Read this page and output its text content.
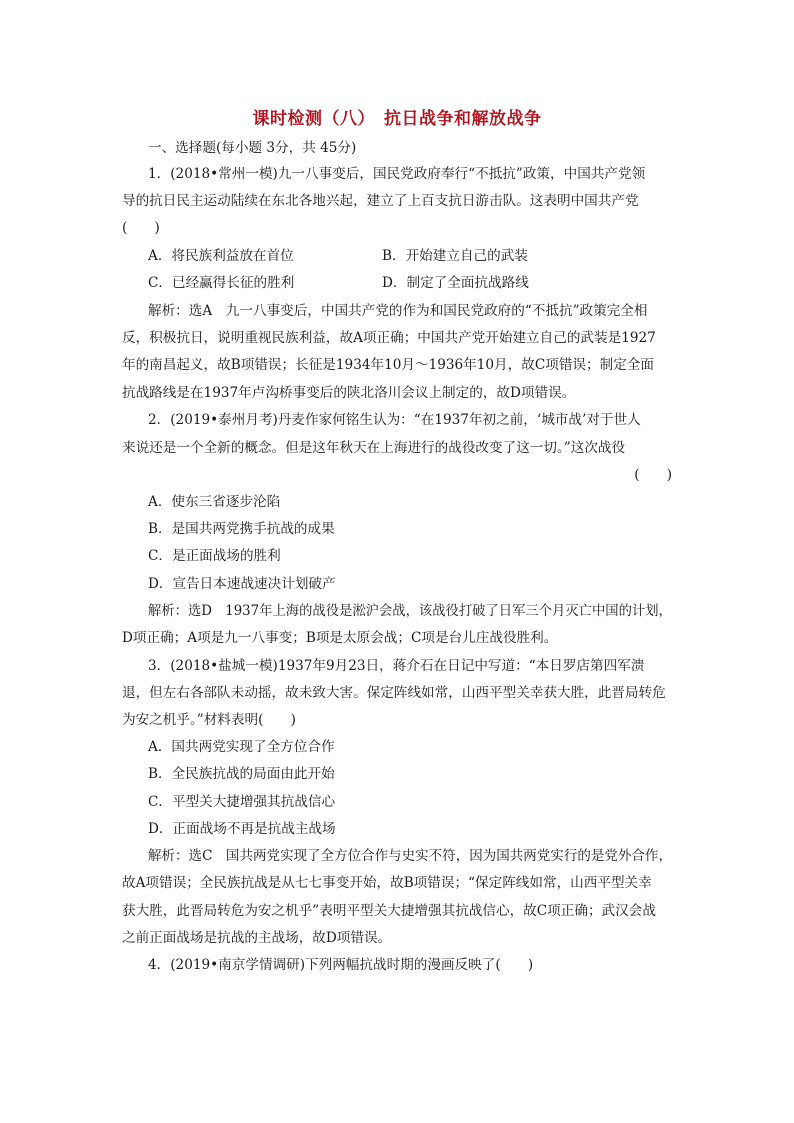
课时检测（八）　抗日战争和解放战争
一、选择题(每小题 3分，共 45分)
1．(2018•常州一模)九一八事变后，国民党政府奉行“不抵抗”政策，中国共产党领
导的抗日民主运动陆续在东北各地兴起，建立了上百支抗日游击队。这表明中国共产党
(　　)
A．将民族利益放在首位	B．开始建立自己的武装
C．已经赢得长征的胜利	D．制定了全面抗战路线
解析：选A　九一八事变后，中国共产党的作为和国民党政府的“不抵抗”政策完全相
反，积极抗日，说明重视民族利益，故A项正确；中国共产党开始建立自己的武装是1927
年的南昌起义，故B项错误；长征是1934年10月～1936年10月，故C项错误；制定全面
抗战路线是在1937年卢沟桥事变后的陕北洛川会议上制定的，故D项错误。
2．(2019•泰州月考)丹麦作家何铭生认为：“在1937年初之前，‘城市战’对于世人
来说还是一个全新的概念。但是这年秋天在上海进行的战役改变了这一切。”这次战役
(　　)
A．使东三省逐步沦陷
B．是国共两党携手抗战的成果
C．是正面战场的胜利
D．宣告日本速战速决计划破产
解析：选D　1937年上海的战役是淞沪会战，该战役打破了日军三个月灭亡中国的计划，
D项正确；A项是九一八事变；B项是太原会战；C项是台儿庄战役胜利。
3．(2018•盐城一模)1937年9月23日，蒋介石在日记中写道：“本日罗店第四军溃
退，但左右各部队未动摇，故未致大害。保定阵线如常，山西平型关幸获大胜，此晋局转危
为安之机乎。”材料表明(　　)
A．国共两党实现了全方位合作
B．全民族抗战的局面由此开始
C．平型关大捷增强其抗战信心
D．正面战场不再是抗战主战场
解析：选C　国共两党实现了全方位合作与史实不符，因为国共两党实行的是党外合作，
故A项错误；全民族抗战是从七七事变开始，故B项错误；“保定阵线如常，山西平型关幸
获大胜，此晋局转危为安之机乎”表明平型关大捷增强其抗战信心，故C项正确；武汉会战
之前正面战场是抗战的主战场，故D项错误。
4．(2019•南京学情调研)下列两幅抗战时期的漫画反映了(　　)
